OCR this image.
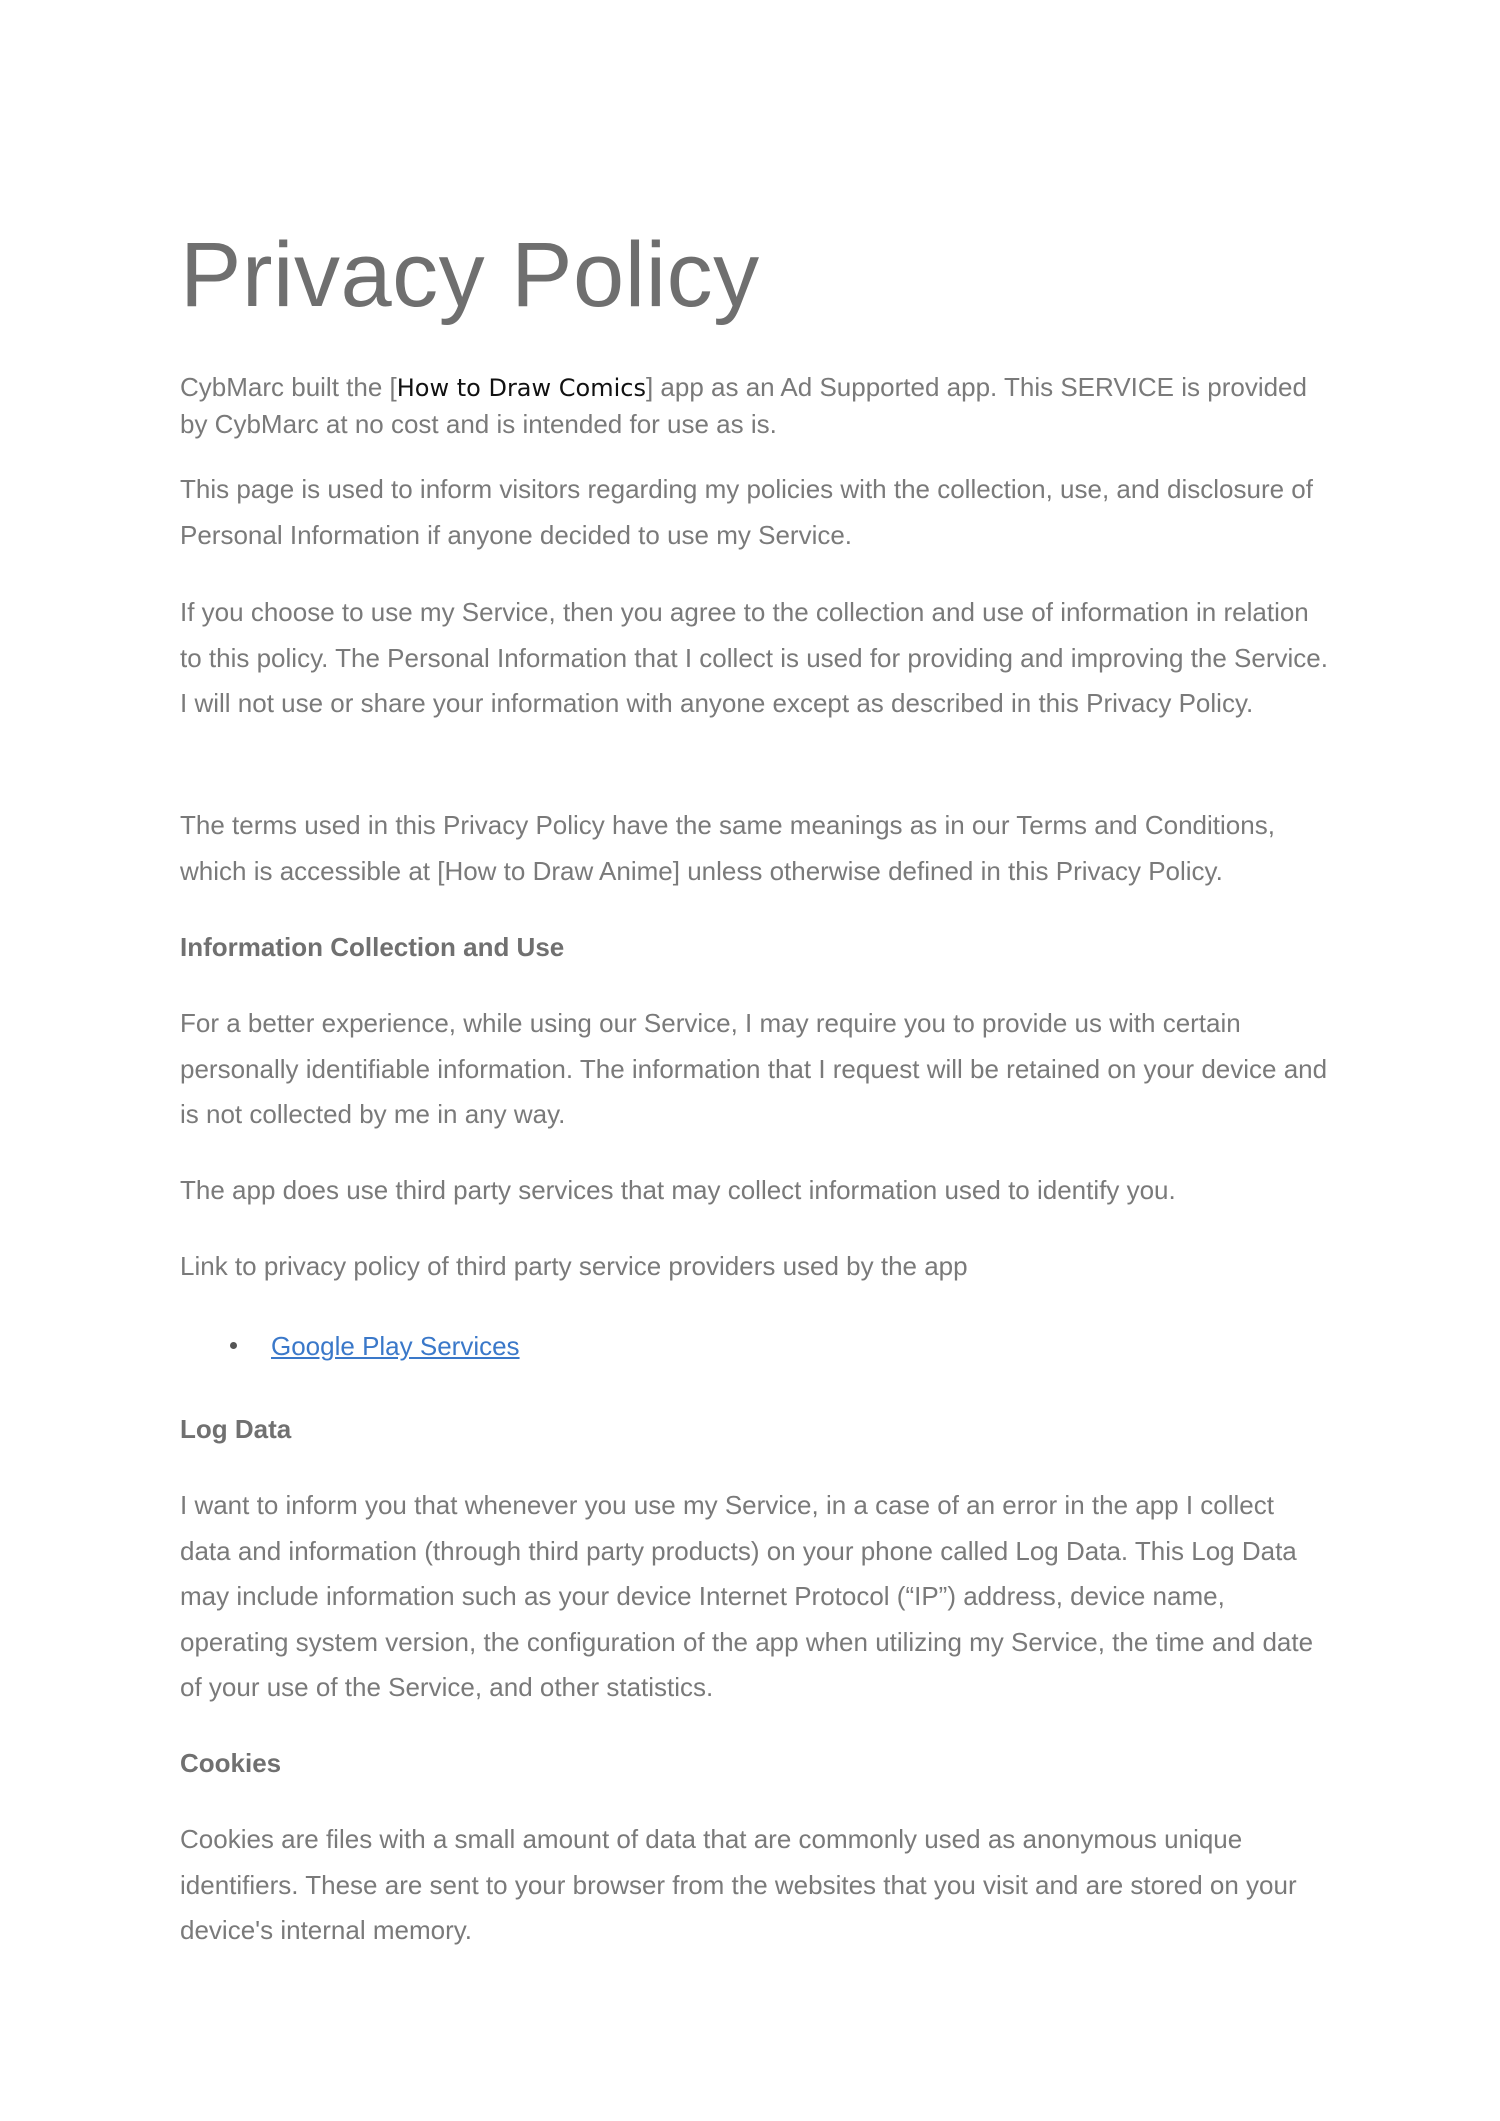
Privacy Policy

CybMarc built the [How to Draw Comics] app as an Ad Supported app. This SERVICE is provided
by CybMarc at no cost and is intended for use as is.

This page is used to inform visitors regarding my policies with the collection, use, and disclosure of Personal Information if anyone decided to use my Service.

If you choose to use my Service, then you agree to the collection and use of information in relation to this policy. The Personal Information that I collect is used for providing and improving the Service. I will not use or share your information with anyone except as described in this Privacy Policy.

The terms used in this Privacy Policy have the same meanings as in our Terms and Conditions, which is accessible at [How to Draw Anime] unless otherwise defined in this Privacy Policy.

Information Collection and Use

For a better experience, while using our Service, I may require you to provide us with certain personally identifiable information. The information that I request will be retained on your device and is not collected by me in any way.

The app does use third party services that may collect information used to identify you.

Link to privacy policy of third party service providers used by the app

Google Play Services
Log Data

I want to inform you that whenever you use my Service, in a case of an error in the app I collect data and information (through third party products) on your phone called Log Data. This Log Data may include information such as your device Internet Protocol (“IP”) address, device name, operating system version, the configuration of the app when utilizing my Service, the time and date of your use of the Service, and other statistics.

Cookies

Cookies are files with a small amount of data that are commonly used as anonymous unique identifiers. These are sent to your browser from the websites that you visit and are stored on your device's internal memory.
